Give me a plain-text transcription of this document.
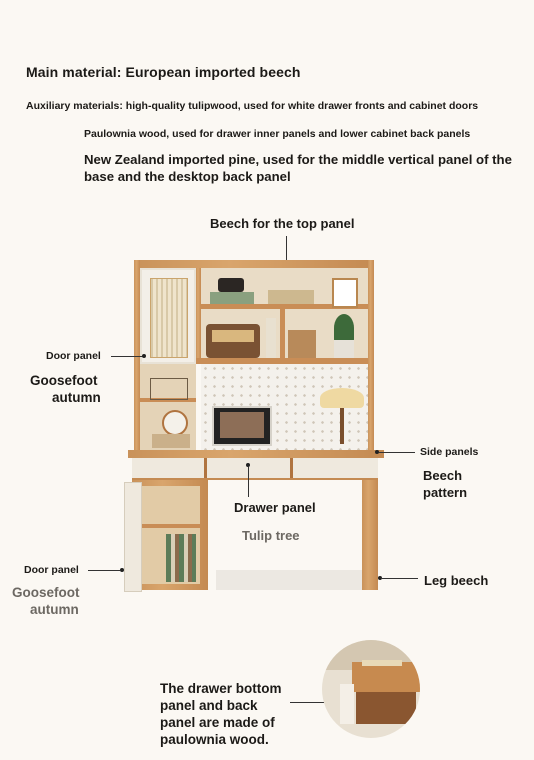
Main material: European imported beech

Auxiliary materials: high-quality tulipwood, used for white drawer fronts and cabinet doors

Paulownia wood, used for drawer inner panels and lower cabinet back panels

New Zealand imported pine, used for the middle vertical panel of the base and the desktop back panel

Beech for the top panel
Door panel
Goosefoot
autumn
Side panels
Beech
pattern
Drawer panel
Tulip tree
Door panel
Goosefoot
autumn
Leg beech
The drawer bottom
panel and back
panel are made of
paulownia wood.
